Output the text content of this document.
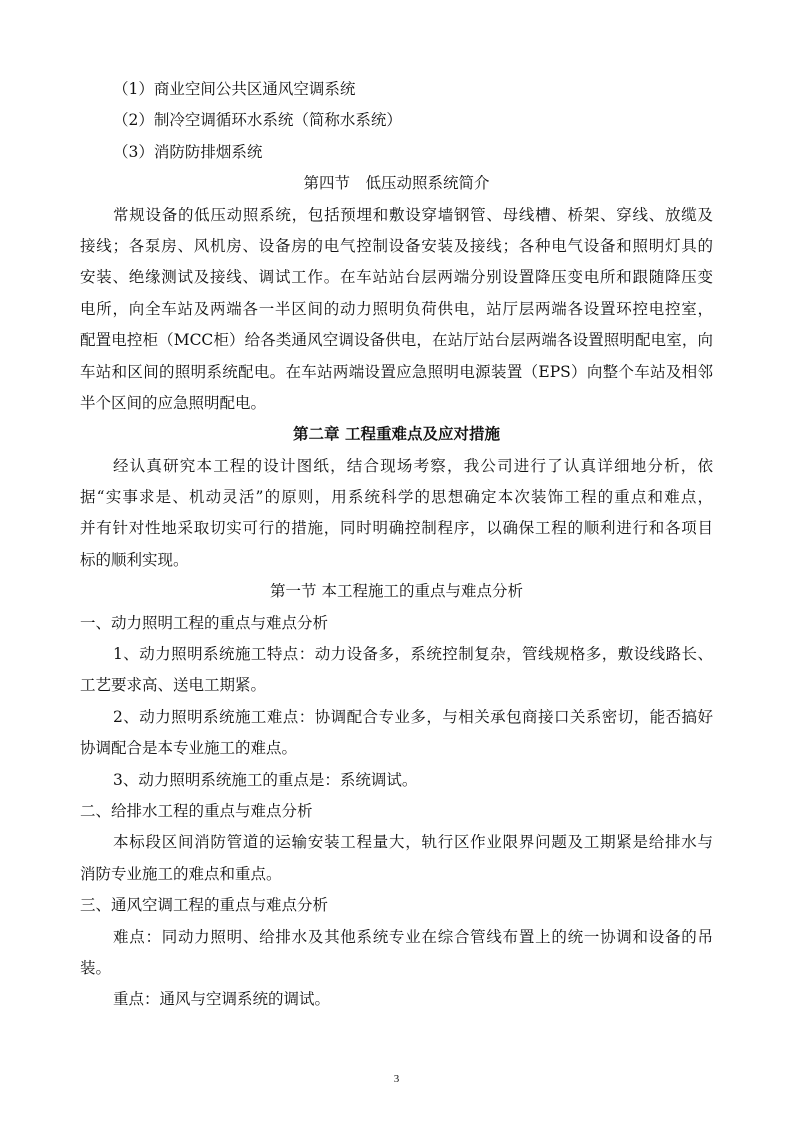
（1）商业空间公共区通风空调系统
（2）制冷空调循环水系统（简称水系统）
（3）消防防排烟系统
第四节　低压动照系统简介
常规设备的低压动照系统，包括预埋和敷设穿墙钢管、母线槽、桥架、穿线、放缆及
接线；各泵房、风机房、设备房的电气控制设备安装及接线；各种电气设备和照明灯具的
安装、绝缘测试及接线、调试工作。在车站站台层两端分别设置降压变电所和跟随降压变
电所，向全车站及两端各一半区间的动力照明负荷供电，站厅层两端各设置环控电控室，
配置电控柜（MCC柜）给各类通风空调设备供电，在站厅站台层两端各设置照明配电室，向
车站和区间的照明系统配电。在车站两端设置应急照明电源装置（EPS）向整个车站及相邻
半个区间的应急照明配电。
第二章 工程重难点及应对措施
经认真研究本工程的设计图纸，结合现场考察，我公司进行了认真详细地分析，依
据“实事求是、机动灵活”的原则，用系统科学的思想确定本次装饰工程的重点和难点，
并有针对性地采取切实可行的措施，同时明确控制程序，以确保工程的顺利进行和各项目
标的顺利实现。
第一节 本工程施工的重点与难点分析
一、动力照明工程的重点与难点分析
1、动力照明系统施工特点：动力设备多，系统控制复杂，管线规格多，敷设线路长、
工艺要求高、送电工期紧。
2、动力照明系统施工难点：协调配合专业多，与相关承包商接口关系密切，能否搞好
协调配合是本专业施工的难点。
3、动力照明系统施工的重点是：系统调试。
二、给排水工程的重点与难点分析
本标段区间消防管道的运输安装工程量大，轨行区作业限界问题及工期紧是给排水与
消防专业施工的难点和重点。
三、通风空调工程的重点与难点分析
难点：同动力照明、给排水及其他系统专业在综合管线布置上的统一协调和设备的吊
装。
重点：通风与空调系统的调试。
3
